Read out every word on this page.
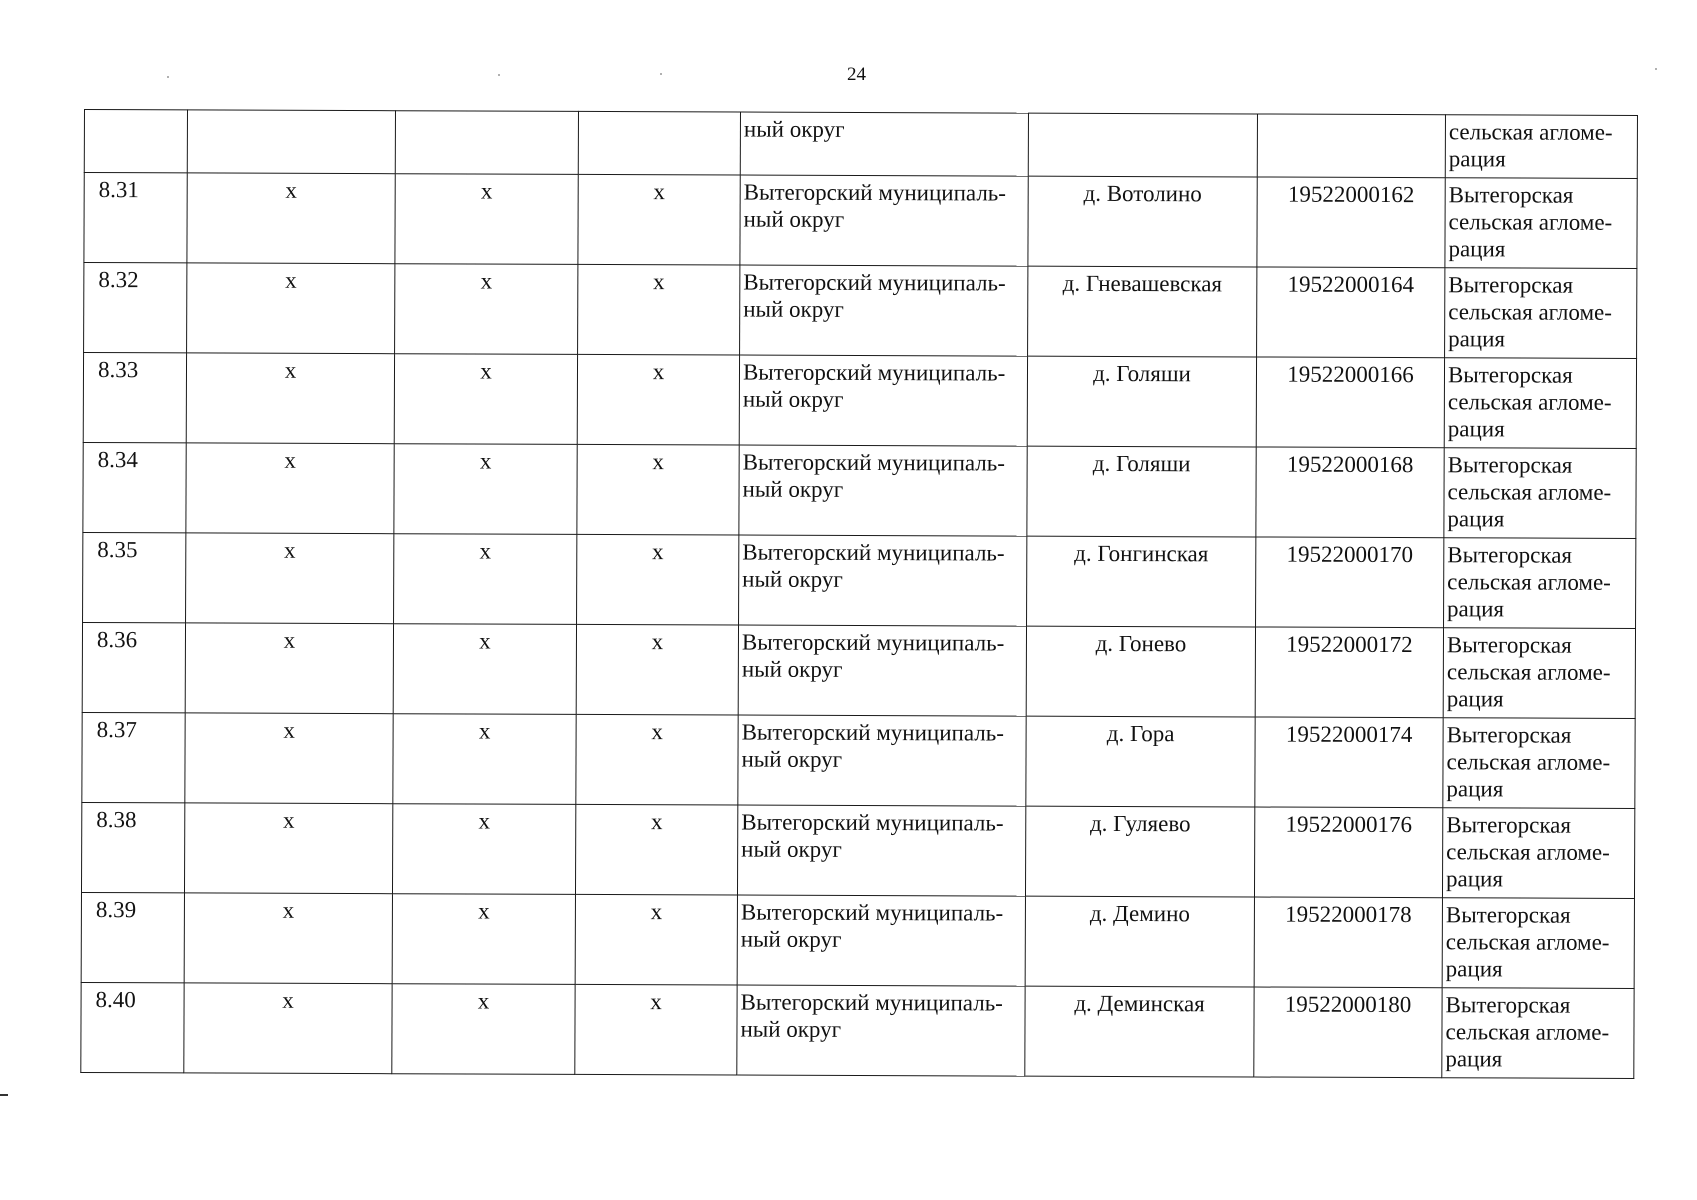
24
				ный округ			сельская агломе-рация
8.31	x	x	x	Вытегорский муниципаль-ный округ	д. Вотолино	19522000162	Вытегорская сельская агломе-рация
8.32	x	x	x	Вытегорский муниципаль-ный округ	д. Гневашевская	19522000164	Вытегорская сельская агломе-рация
8.33	x	x	x	Вытегорский муниципаль-ный округ	д. Голяши	19522000166	Вытегорская сельская агломе-рация
8.34	x	x	x	Вытегорский муниципаль-ный округ	д. Голяши	19522000168	Вытегорская сельская агломе-рация
8.35	x	x	x	Вытегорский муниципаль-ный округ	д. Гонгинская	19522000170	Вытегорская сельская агломе-рация
8.36	x	x	x	Вытегорский муниципаль-ный округ	д. Гонево	19522000172	Вытегорская сельская агломе-рация
8.37	x	x	x	Вытегорский муниципаль-ный округ	д. Гора	19522000174	Вытегорская сельская агломе-рация
8.38	x	x	x	Вытегорский муниципаль-ный округ	д. Гуляево	19522000176	Вытегорская сельская агломе-рация
8.39	x	x	x	Вытегорский муниципаль-ный округ	д. Демино	19522000178	Вытегорская сельская агломе-рация
8.40	x	x	x	Вытегорский муниципаль-ный округ	д. Деминская	19522000180	Вытегорская сельская агломе-рация
